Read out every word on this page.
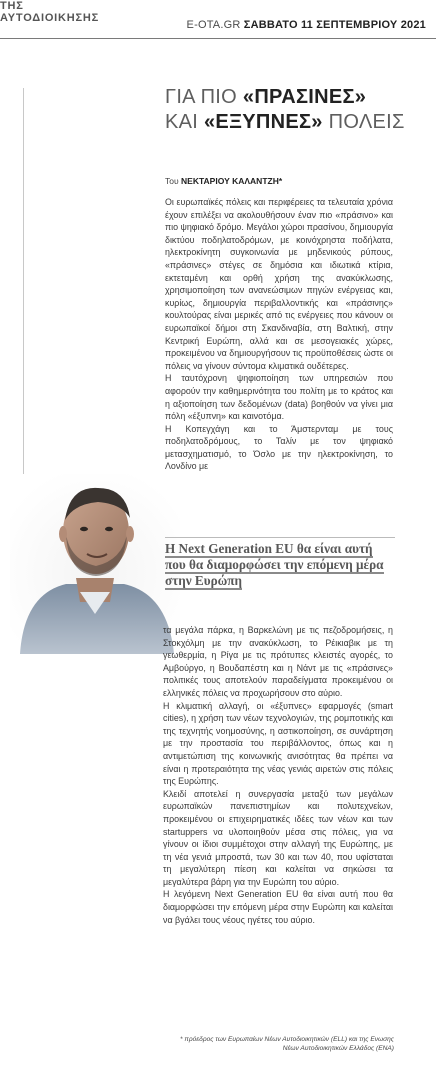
ΤΗΣ
ΑΥΤΟΔΙΟΙΚΗΣΗΣ
E-OTA.GR ΣΑΒΒΑΤΟ 11 ΣΕΠΤΕΜΒΡΙΟΥ 2021
ΓΙΑ ΠΙΟ «ΠΡΑΣΙΝΕΣ»
ΚΑΙ «ΕΞΥΠΝΕΣ» ΠΟΛΕΙΣ
Του ΝΕΚΤΑΡΙΟΥ ΚΑΛΑΝΤΖΗ*

Οι ευρωπαϊκές πόλεις και περιφέρειες τα τελευταία χρόνια έχουν επιλέξει να ακολουθήσουν έναν πιο «πράσινο» και πιο ψηφιακό δρόμο. Μεγάλοι χώροι πρασίνου, δημιουργία δικτύου ποδηλατοδρόμων, με κοινόχρηστα ποδήλατα, ηλεκτροκίνητη συγκοινωνία με μηδενικούς ρύπους, «πράσινες» στέγες σε δημόσια και ιδιωτικά κτίρια, εκτεταμένη και ορθή χρήση της ανακύκλωσης, χρησιμοποίηση των ανανεώσιμων πηγών ενέργειας και, κυρίως, δημιουργία περιβαλλοντικής και «πράσινης» κουλτούρας είναι μερικές από τις ενέργειες που κάνουν οι ευρωπαϊκοί δήμοι στη Σκανδιναβία, στη Βαλτική, στην Κεντρική Ευρώπη, αλλά και σε μεσογειακές χώρες, προκειμένου να δημιουργήσουν τις προϋποθέσεις ώστε οι πόλεις να γίνουν σύντομα κλιματικά ουδέτερες.

Η ταυτόχρονη ψηφιοποίηση των υπηρεσιών που αφορούν την καθημερινότητα του πολίτη με το κράτος και η αξιοποίηση των δεδομένων (data) βοηθούν να γίνει μια πόλη «έξυπνη» και καινοτόμα.

Η Κοπεγχάγη και το Άμστερνταμ με τους ποδηλατοδρόμους, το Ταλίν με τον ψηφιακό μετασχηματισμό, το Όσλο με την ηλεκτροκίνηση, το Λονδίνο με

Η Next Generation EU θα είναι αυτή που θα διαμορφώσει την επόμενη μέρα στην Ευρώπη

τα μεγάλα πάρκα, η Βαρκελώνη με τις πεζοδρομήσεις, η Στοκχόλμη με την ανακύκλωση, το Ρέικιαβικ με τη γεωθερμία, η Ρίγα με τις πρότυπες κλειστές αγορές, το Αμβούργο, η Βουδαπέστη και η Νάντ με τις «πράσινες» πολιτικές τους αποτελούν παραδείγματα προκειμένου οι ελληνικές πόλεις να προχωρήσουν στο αύριο.

Η κλιματική αλλαγή, οι «έξυπνες» εφαρμογές (smart cities), η χρήση των νέων τεχνολογιών, της ρομποτικής και της τεχνητής νοημοσύνης, η αστικοποίηση, σε συνάρτηση με την προστασία του περιβάλλοντος, όπως και η αντιμετώπιση της κοινωνικής ανισότητας θα πρέπει να είναι η προτεραιότητα της νέας γενιάς αιρετών στις πόλεις της Ευρώπης.

Κλειδί αποτελεί η συνεργασία μεταξύ των μεγάλων ευρωπαϊκών πανεπιστημίων και πολυτεχνείων, προκειμένου οι επιχειρηματικές ιδέες των νέων και των startuppers να υλοποιηθούν μέσα στις πόλεις, για να γίνουν οι ίδιοι συμμέτοχοι στην αλλαγή της Ευρώπης, με τη νέα γενιά μπροστά, των 30 και των 40, που υφίσταται τη μεγαλύτερη πίεση και καλείται να σηκώσει τα μεγαλύτερα βάρη για την Ευρώπη του αύριο.

Η λεγόμενη Next Generation EU θα είναι αυτή που θα διαμορφώσει την επόμενη μέρα στην Ευρώπη και καλείται να βγάλει τους νέους ηγέτες του αύριο.

* πρόεδρος των Ευρωπαίων Νέων Αυτοδιοικητικών (ELL) και της Ενωσης Νέων Αυτοδιοικητικών Ελλάδος (ΕΝΑ)
